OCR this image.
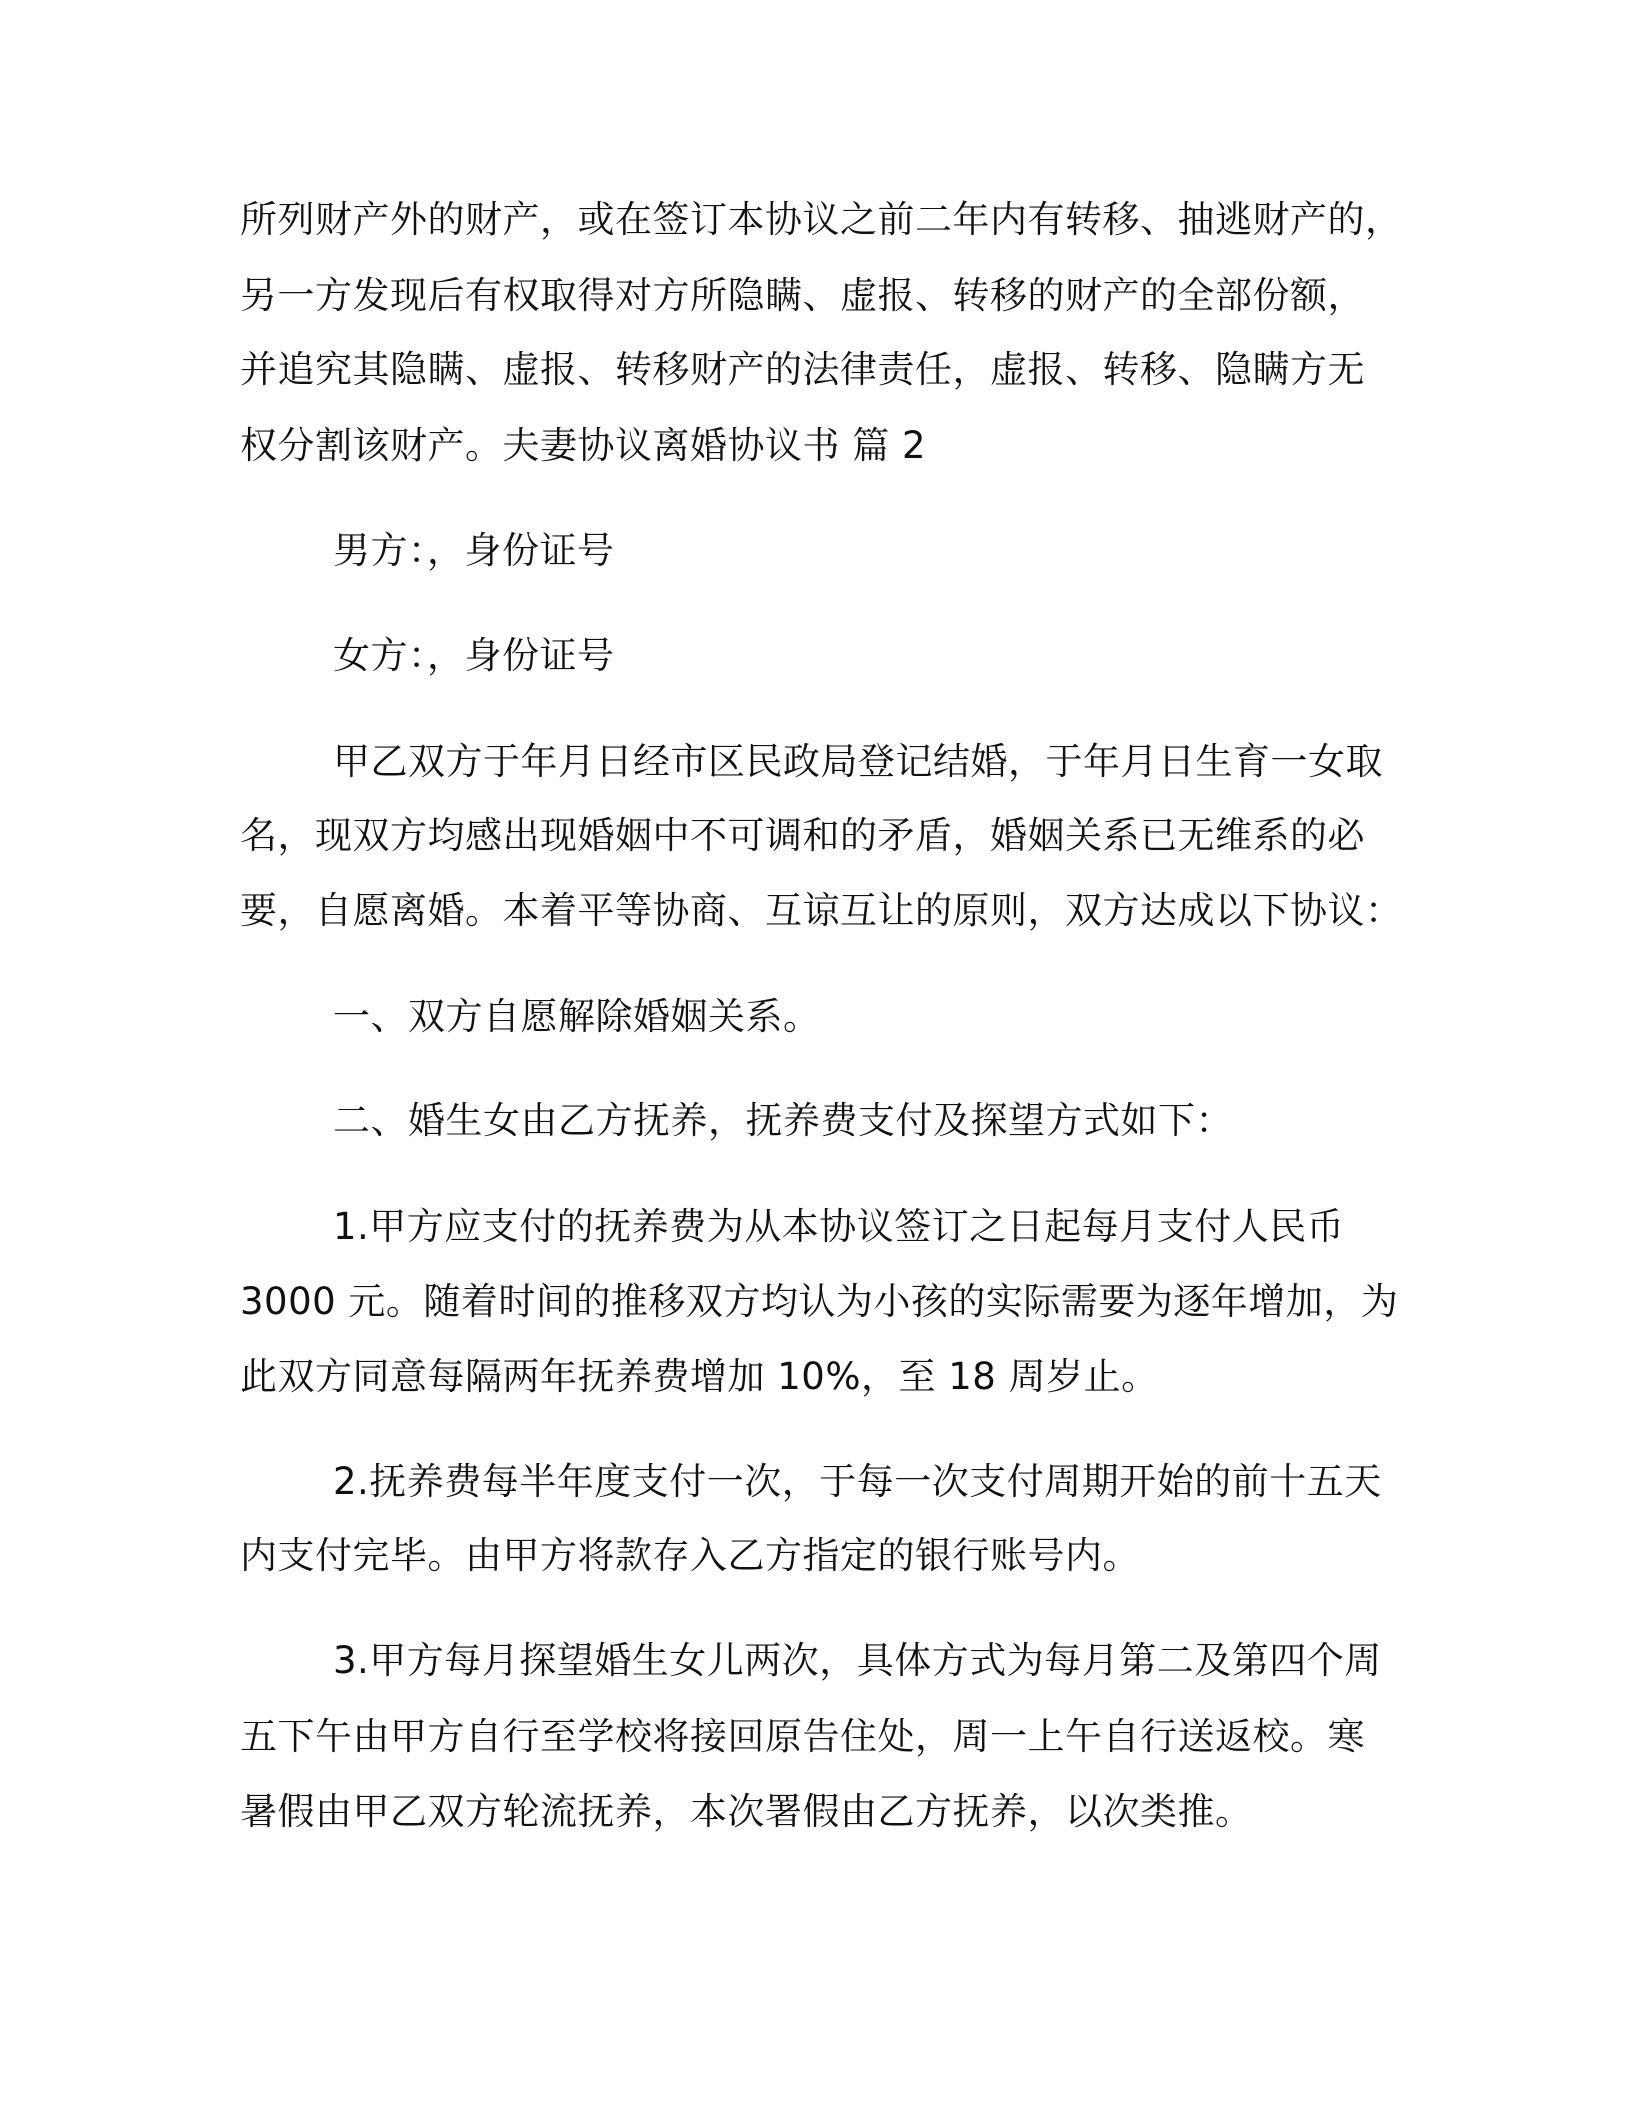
所列财产外的财产，或在签订本协议之前二年内有转移、抽逃财产的，
另一方发现后有权取得对方所隐瞒、虚报、转移的财产的全部份额，
并追究其隐瞒、虚报、转移财产的法律责任，虚报、转移、隐瞒方无
权分割该财产。夫妻协议离婚协议书 篇 2
男方：，身份证号
女方：，身份证号
甲乙双方于年月日经市区民政局登记结婚，于年月日生育一女取
名，现双方均感出现婚姻中不可调和的矛盾，婚姻关系已无维系的必
要，自愿离婚。本着平等协商、互谅互让的原则，双方达成以下协议：
一、双方自愿解除婚姻关系。
二、婚生女由乙方抚养，抚养费支付及探望方式如下：
1.甲方应支付的抚养费为从本协议签订之日起每月支付人民币
3000 元。随着时间的推移双方均认为小孩的实际需要为逐年增加，为
此双方同意每隔两年抚养费增加 10%，至 18 周岁止。
2.抚养费每半年度支付一次，于每一次支付周期开始的前十五天
内支付完毕。由甲方将款存入乙方指定的银行账号内。
3.甲方每月探望婚生女儿两次，具体方式为每月第二及第四个周
五下午由甲方自行至学校将接回原告住处，周一上午自行送返校。寒
暑假由甲乙双方轮流抚养，本次署假由乙方抚养，以次类推。
